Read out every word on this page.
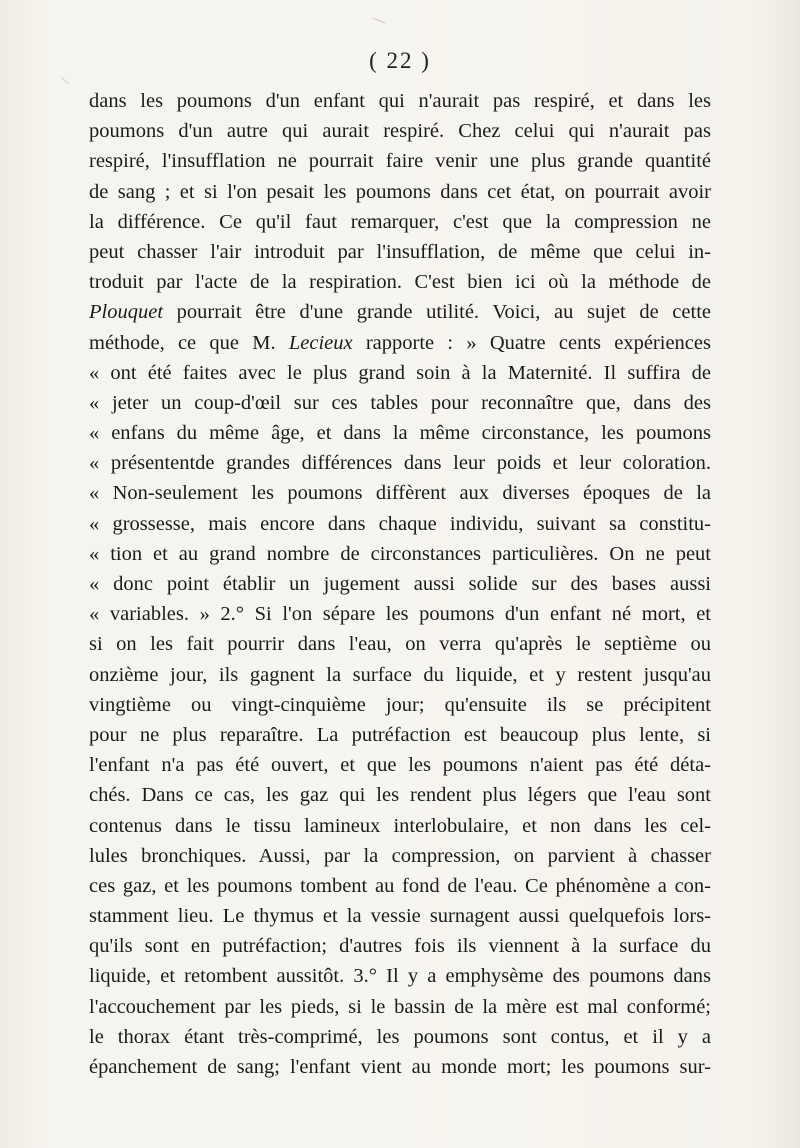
( 22 )
dans les poumons d'un enfant qui n'aurait pas respiré, et dans les
poumons d'un autre qui aurait respiré. Chez celui qui n'aurait pas
respiré, l'insufflation ne pourrait faire venir une plus grande quantité
de sang ; et si l'on pesait les poumons dans cet état, on pourrait avoir
la différence. Ce qu'il faut remarquer, c'est que la compression ne
peut chasser l'air introduit par l'insufflation, de même que celui in-
troduit par l'acte de la respiration. C'est bien ici où la méthode de
Plouquet pourrait être d'une grande utilité. Voici, au sujet de cette
méthode, ce que M. Lecieux rapporte : » Quatre cents expériences
« ont été faites avec le plus grand soin à la Maternité. Il suffira de
« jeter un coup-d'œil sur ces tables pour reconnaître que, dans des
« enfans du même âge, et dans la même circonstance, les poumons
« présententde grandes différences dans leur poids et leur coloration.
« Non-seulement les poumons diffèrent aux diverses époques de la
« grossesse, mais encore dans chaque individu, suivant sa constitu-
« tion et au grand nombre de circonstances particulières. On ne peut
« donc point établir un jugement aussi solide sur des bases aussi
« variables. » 2.° Si l'on sépare les poumons d'un enfant né mort, et
si on les fait pourrir dans l'eau, on verra qu'après le septième ou
onzième jour, ils gagnent la surface du liquide, et y restent jusqu'au
vingtième ou vingt-cinquième jour; qu'ensuite ils se précipitent
pour ne plus reparaître. La putréfaction est beaucoup plus lente, si
l'enfant n'a pas été ouvert, et que les poumons n'aient pas été déta-
chés. Dans ce cas, les gaz qui les rendent plus légers que l'eau sont
contenus dans le tissu lamineux interlobulaire, et non dans les cel-
lules bronchiques. Aussi, par la compression, on parvient à chasser
ces gaz, et les poumons tombent au fond de l'eau. Ce phénomène a con-
stamment lieu. Le thymus et la vessie surnagent aussi quelquefois lors-
qu'ils sont en putréfaction; d'autres fois ils viennent à la surface du
liquide, et retombent aussitôt. 3.° Il y a emphysème des poumons dans
l'accouchement par les pieds, si le bassin de la mère est mal conformé;
le thorax étant très-comprimé, les poumons sont contus, et il y a
épanchement de sang; l'enfant vient au monde mort; les poumons sur-
